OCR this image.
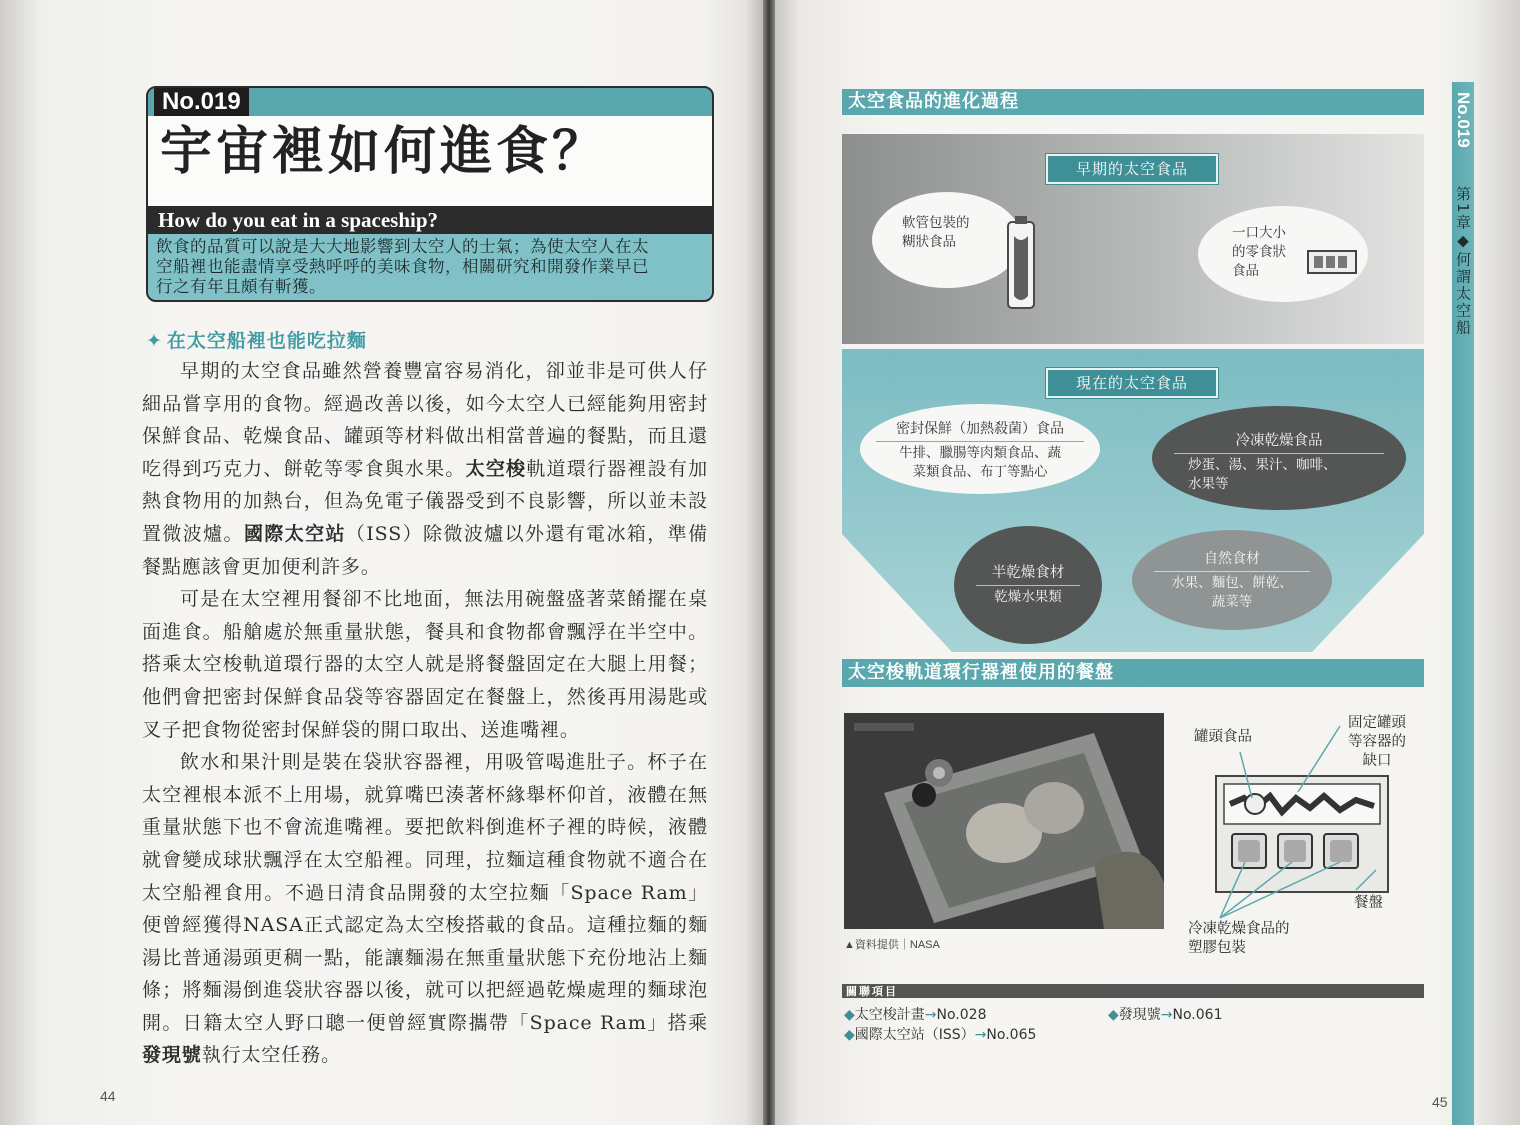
No.019
宇宙裡如何進食？
How do you eat in a spaceship?
飲食的品質可以說是大大地影響到太空人的士氣；為使太空人在太
空船裡也能盡情享受熱呼呼的美味食物，相關研究和開發作業早已
行之有年且頗有斬獲。
✦ 在太空船裡也能吃拉麵

早期的太空食品雖然營養豐富容易消化，卻並非是可供人仔細品嘗享用的食物。經過改善以後，如今太空人已經能夠用密封保鮮食品、乾燥食品、罐頭等材料做出相當普遍的餐點，而且還吃得到巧克力、餅乾等零食與水果。太空梭軌道環行器裡設有加熱食物用的加熱台，但為免電子儀器受到不良影響，所以並未設置微波爐。國際太空站（ISS）除微波爐以外還有電冰箱，準備餐點應該會更加便利許多。

可是在太空裡用餐卻不比地面，無法用碗盤盛著菜餚擺在桌面進食。船艙處於無重量狀態，餐具和食物都會飄浮在半空中。搭乘太空梭軌道環行器的太空人就是將餐盤固定在大腿上用餐；他們會把密封保鮮食品袋等容器固定在餐盤上，然後再用湯匙或叉子把食物從密封保鮮袋的開口取出、送進嘴裡。

飲水和果汁則是裝在袋狀容器裡，用吸管喝進肚子。杯子在太空裡根本派不上用場，就算嘴巴湊著杯緣舉杯仰首，液體在無重量狀態下也不會流進嘴裡。要把飲料倒進杯子裡的時候，液體就會變成球狀飄浮在太空船裡。同理，拉麵這種食物就不適合在太空船裡食用。不過日清食品開發的太空拉麵「Space Ram」便曾經獲得NASA正式認定為太空梭搭載的食品。這種拉麵的麵湯比普通湯頭更稠一點，能讓麵湯在無重量狀態下充份地沾上麵條；將麵湯倒進袋狀容器以後，就可以把經過乾燥處理的麵球泡開。日籍太空人野口聰一便曾經實際攜帶「Space Ram」搭乘發現號執行太空任務。

44
太空食品的進化過程
早期的太空食品
軟管包裝的
糊狀食品
一口大小
的零食狀
食品
現在的太空食品
密封保鮮（加熱殺菌）食品
牛排、臘腸等肉類食品、蔬
菜類食品、布丁等點心
冷凍乾燥食品
炒蛋、湯、果汁、咖啡、
水果等
半乾燥食材
乾燥水果類
自然食材
水果、麵包、餅乾、
蔬菜等
太空梭軌道環行器裡使用的餐盤
▲資料提供｜NASA
罐頭食品
固定罐頭
等容器的
缺口
餐盤
冷凍乾燥食品的
塑膠包裝
關聯項目
◆太空梭計畫→No.028
◆國際太空站（ISS）→No.065
◆發現號→No.061
45
No.019
第1章◆何謂太空船
